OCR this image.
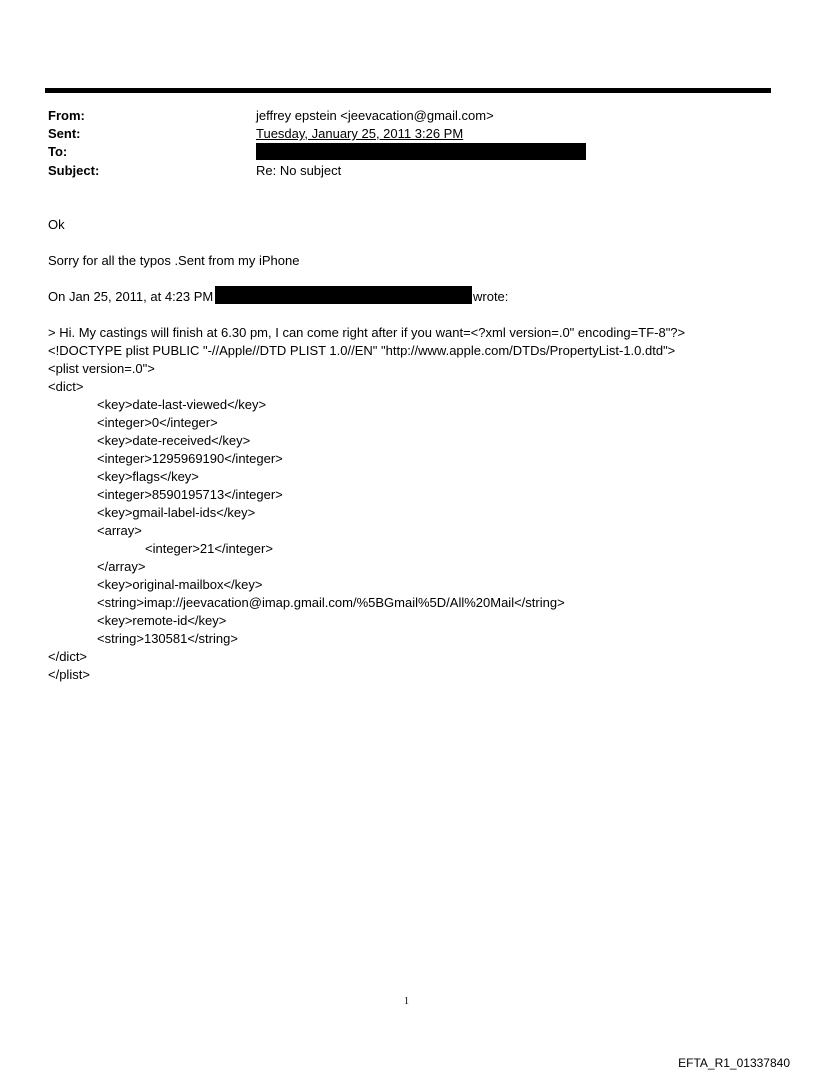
From:	jeffrey epstein <jeevacation@gmail.com>
Sent:	Tuesday, January 25, 2011 3:26 PM
To:
Subject:	Re: No subject
Ok
Sorry for all the typos .Sent from my iPhone
On Jan 25, 2011, at 4:23 PM	wrote:
> Hi. My castings will finish at 6.30 pm, I can come right after if you want=<?xml version=.0" encoding=TF-8"?>
<!DOCTYPE plist PUBLIC "-//Apple//DTD PLIST 1.0//EN" "http://www.apple.com/DTDs/PropertyList-1.0.dtd">
<plist version=.0">
<dict>
<key>date-last-viewed</key>
<integer>0</integer>
<key>date-received</key>
<integer>1295969190</integer>
<key>flags</key>
<integer>8590195713</integer>
<key>gmail-label-ids</key>
<array>
<integer>21</integer>
</array>
<key>original-mailbox</key>
<string>imap://jeevacation@imap.gmail.com/%5BGmail%5D/All%20Mail</string>
<key>remote-id</key>
<string>130581</string>
</dict>
</plist>
1
EFTA_R1_01337840
